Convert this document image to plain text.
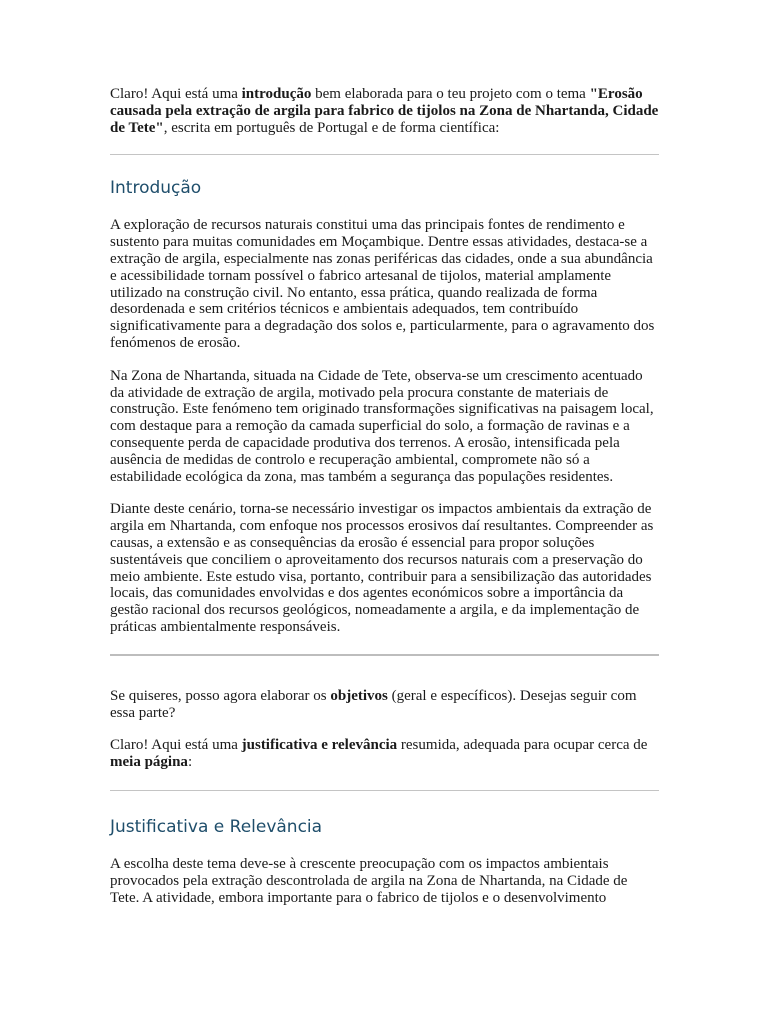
Claro! Aqui está uma introdução bem elaborada para o teu projeto com o tema "Erosão causada pela extração de argila para fabrico de tijolos na Zona de Nhartanda, Cidade de Tete", escrita em português de Portugal e de forma científica:

Introdução

A exploração de recursos naturais constitui uma das principais fontes de rendimento e sustento para muitas comunidades em Moçambique. Dentre essas atividades, destaca-se a extração de argila, especialmente nas zonas periféricas das cidades, onde a sua abundância e acessibilidade tornam possível o fabrico artesanal de tijolos, material amplamente utilizado na construção civil. No entanto, essa prática, quando realizada de forma desordenada e sem critérios técnicos e ambientais adequados, tem contribuído significativamente para a degradação dos solos e, particularmente, para o agravamento dos fenómenos de erosão.

Na Zona de Nhartanda, situada na Cidade de Tete, observa-se um crescimento acentuado da atividade de extração de argila, motivado pela procura constante de materiais de construção. Este fenómeno tem originado transformações significativas na paisagem local, com destaque para a remoção da camada superficial do solo, a formação de ravinas e a consequente perda de capacidade produtiva dos terrenos. A erosão, intensificada pela ausência de medidas de controlo e recuperação ambiental, compromete não só a estabilidade ecológica da zona, mas também a segurança das populações residentes.

Diante deste cenário, torna-se necessário investigar os impactos ambientais da extração de argila em Nhartanda, com enfoque nos processos erosivos daí resultantes. Compreender as causas, a extensão e as consequências da erosão é essencial para propor soluções sustentáveis que conciliem o aproveitamento dos recursos naturais com a preservação do meio ambiente. Este estudo visa, portanto, contribuir para a sensibilização das autoridades locais, das comunidades envolvidas e dos agentes económicos sobre a importância da gestão racional dos recursos geológicos, nomeadamente a argila, e da implementação de práticas ambientalmente responsáveis.

Se quiseres, posso agora elaborar os objetivos (geral e específicos). Desejas seguir com essa parte?

Claro! Aqui está uma justificativa e relevância resumida, adequada para ocupar cerca de meia página:

Justificativa e Relevância

A escolha deste tema deve-se à crescente preocupação com os impactos ambientais provocados pela extração descontrolada de argila na Zona de Nhartanda, na Cidade de Tete. A atividade, embora importante para o fabrico de tijolos e o desenvolvimento
